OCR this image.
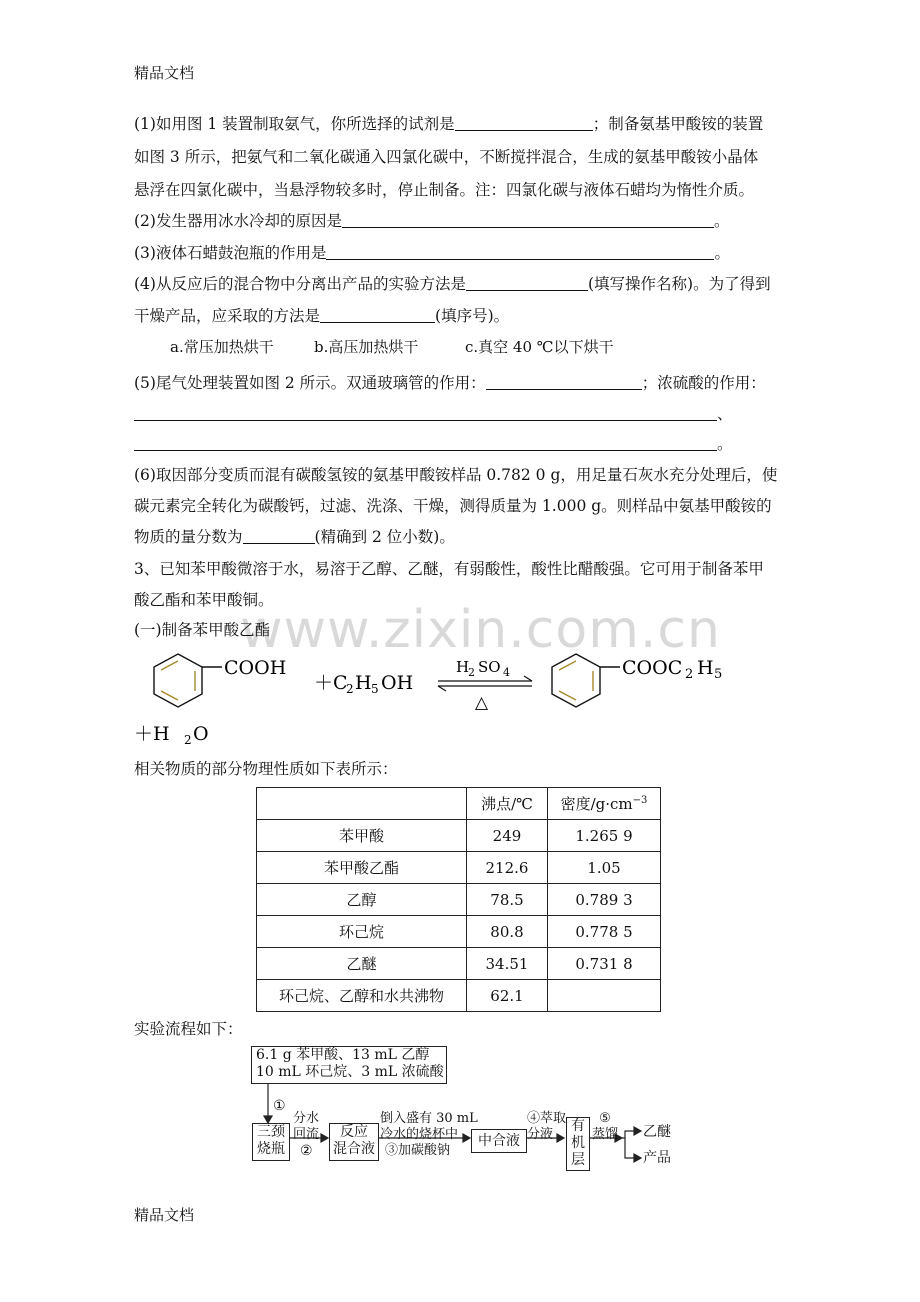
精品文档
www.zixin.com.cn
(1)如用图 1 装置制取氨气，你所选择的试剂是	；制备氨基甲酸铵的装置
如图 3 所示，把氨气和二氧化碳通入四氯化碳中，不断搅拌混合，生成的氨基甲酸铵小晶体
悬浮在四氯化碳中，当悬浮物较多时，停止制备。注：四氯化碳与液体石蜡均为惰性介质。
(2)发生器用冰水冷却的原因是	。
(3)液体石蜡鼓泡瓶的作用是	。
(4)从反应后的混合物中分离出产品的实验方法是	(填写操作名称)。为了得到
干燥产品，应采取的方法是	(填序号)。
a.常压加热烘干	b.高压加热烘干	c.真空 40 ℃以下烘干
(5)尾气处理装置如图 2 所示。双通玻璃管的作用：	；浓硫酸的作用：
、
。
(6)取因部分变质而混有碳酸氢铵的氨基甲酸铵样品 0.782 0 g，用足量石灰水充分处理后，使
碳元素完全转化为碳酸钙，过滤、洗涤、干燥，测得质量为 1.000 g。则样品中氨基甲酸铵的
物质的量分数为	(精确到 2 位小数)。
3、已知苯甲酸微溶于水，易溶于乙醇、乙醚，有弱酸性，酸性比醋酸强。它可用于制备苯甲
酸乙酯和苯甲酸铜。
(一)制备苯甲酸乙酯
COOH
＋C
2 H 5 OH
H
2 SO 4
△
COOC 2 H 5
＋H 2 O
相关物质的部分物理性质如下表所示：
	沸点/℃	密度$/g\cdot cm^{-3}$
苯甲酸	249	1.265 9
苯甲酸乙酯	212.6	1.05
乙醇	78.5	0.789 3
环己烷	80.8	0.778 5
乙醚	34.51	0.731 8
环己烷、乙醇和水共沸物	62.1	
实验流程如下：
6.1 g 苯甲酸、13 mL 乙醇
10 mL 环己烷、3 mL 浓硫酸
①
三颈
烧瓶
分水
回流
②
反应
混合液
倒入盛有 30 mL
冷水的烧杯中
③加碳酸钠
中合液
④萃取
分液
有
机
层
⑤
蒸馏 乙醚
产品
精品文档
